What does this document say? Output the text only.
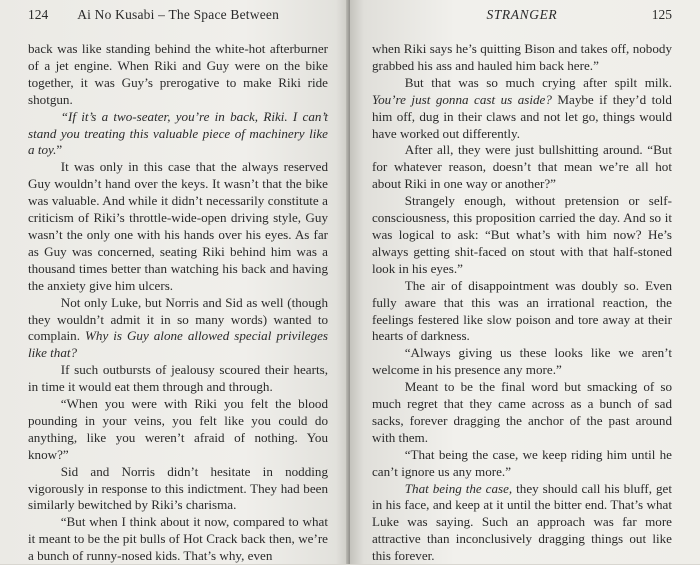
124 Ai No Kusabi – The Space Between

back was like standing behind the white-hot afterburner of a jet engine. When Riki and Guy were on the bike together, it was Guy’s prerogative to make Riki ride shotgun.

“If it’s a two-seater, you’re in back, Riki. I can’t stand you treating this valuable piece of machinery like a toy.”

It was only in this case that the always reserved Guy wouldn’t hand over the keys. It wasn’t that the bike was valuable. And while it didn’t necessarily constitute a criticism of Riki’s throttle-wide-open driving style, Guy wasn’t the only one with his hands over his eyes. As far as Guy was concerned, seating Riki behind him was a thousand times better than watching his back and having the anxiety give him ulcers.

Not only Luke, but Norris and Sid as well (though they wouldn’t admit it in so many words) wanted to complain. Why is Guy alone allowed special privileges like that?

If such outbursts of jealousy scoured their hearts, in time it would eat them through and through.

“When you were with Riki you felt the blood pounding in your veins, you felt like you could do anything, like you weren’t afraid of nothing. You know?”

Sid and Norris didn’t hesitate in nodding vigorously in response to this indictment. They had been similarly bewitched by Riki’s charisma.

“But when I think about it now, compared to what it meant to be the pit bulls of Hot Crack back then, we’re a bunch of runny-nosed kids. That’s why, even

STRANGER	125

when Riki says he’s quitting Bison and takes off, nobody grabbed his ass and hauled him back here.”

But that was so much crying after spilt milk. You’re just gonna cast us aside? Maybe if they’d told him off, dug in their claws and not let go, things would have worked out differently.

After all, they were just bullshitting around. “But for whatever reason, doesn’t that mean we’re all hot about Riki in one way or another?”

Strangely enough, without pretension or self-consciousness, this proposition carried the day. And so it was logical to ask: “But what’s with him now? He’s always getting shit-faced on stout with that half-stoned look in his eyes.”

The air of disappointment was doubly so. Even fully aware that this was an irrational reaction, the feelings festered like slow poison and tore away at their hearts of darkness.

“Always giving us these looks like we aren’t welcome in his presence any more.”

Meant to be the final word but smacking of so much regret that they came across as a bunch of sad sacks, forever dragging the anchor of the past around with them.

“That being the case, we keep riding him until he can’t ignore us any more.”

That being the case, they should call his bluff, get in his face, and keep at it until the bitter end. That’s what Luke was saying. Such an approach was far more attractive than inconclusively dragging things out like this forever.
